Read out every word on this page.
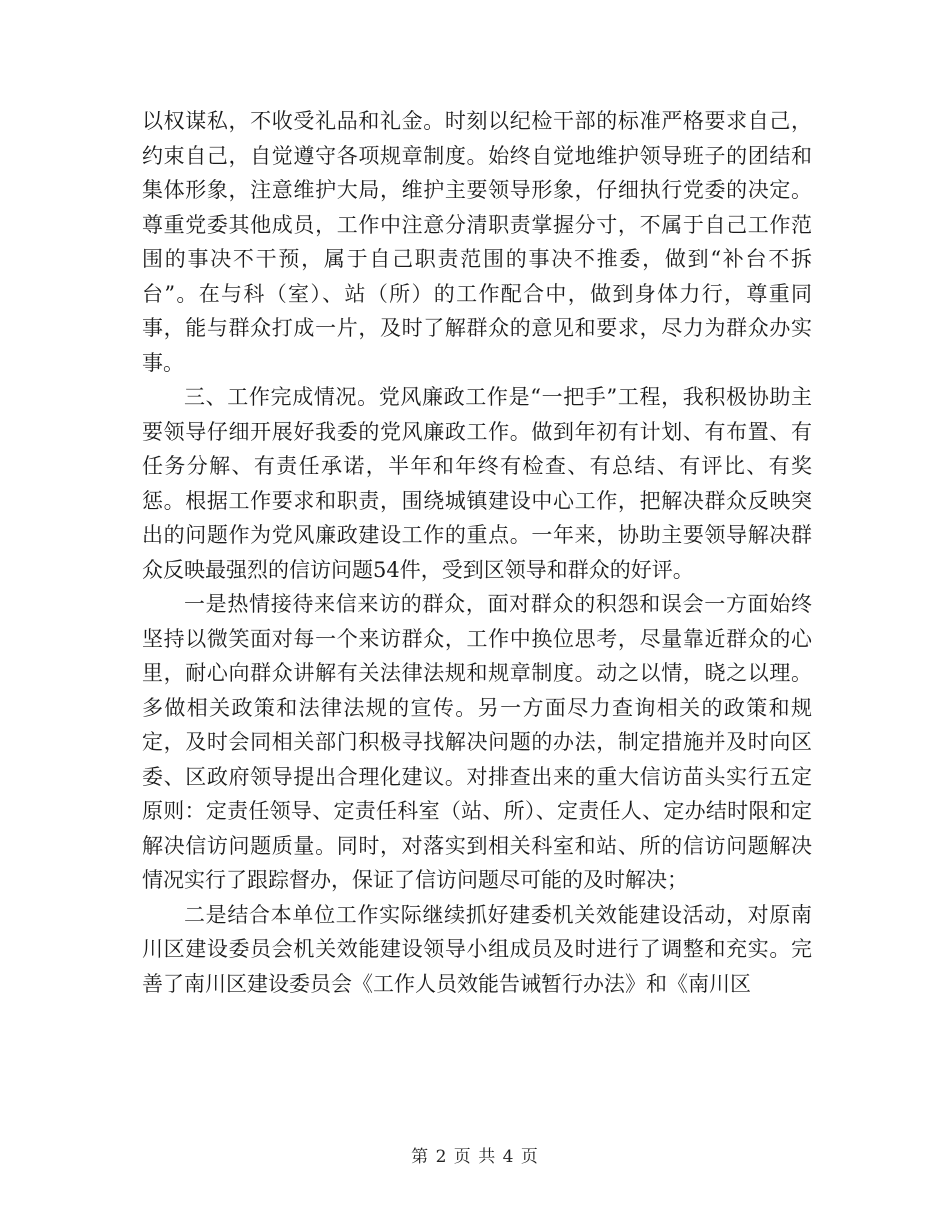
以权谋私，不收受礼品和礼金。时刻以纪检干部的标准严格要求自己，约束自己，自觉遵守各项规章制度。始终自觉地维护领导班子的团结和集体形象，注意维护大局，维护主要领导形象，仔细执行党委的决定。尊重党委其他成员，工作中注意分清职责掌握分寸，不属于自己工作范围的事决不干预，属于自己职责范围的事决不推委，做到“补台不拆台”。在与科（室）、站（所）的工作配合中，做到身体力行，尊重同事，能与群众打成一片，及时了解群众的意见和要求，尽力为群众办实事。

三、工作完成情况。党风廉政工作是“一把手”工程，我积极协助主要领导仔细开展好我委的党风廉政工作。做到年初有计划、有布置、有任务分解、有责任承诺，半年和年终有检查、有总结、有评比、有奖惩。根据工作要求和职责，围绕城镇建设中心工作，把解决群众反映突出的问题作为党风廉政建设工作的重点。一年来，协助主要领导解决群众反映最强烈的信访问题54件，受到区领导和群众的好评。

一是热情接待来信来访的群众，面对群众的积怨和误会一方面始终坚持以微笑面对每一个来访群众，工作中换位思考，尽量靠近群众的心里，耐心向群众讲解有关法律法规和规章制度。动之以情，晓之以理。多做相关政策和法律法规的宣传。另一方面尽力查询相关的政策和规定，及时会同相关部门积极寻找解决问题的办法，制定措施并及时向区委、区政府领导提出合理化建议。对排查出来的重大信访苗头实行五定原则：定责任领导、定责任科室（站、所）、定责任人、定办结时限和定解决信访问题质量。同时，对落实到相关科室和站、所的信访问题解决情况实行了跟踪督办，保证了信访问题尽可能的及时解决；

二是结合本单位工作实际继续抓好建委机关效能建设活动，对原南川区建设委员会机关效能建设领导小组成员及时进行了调整和充实。完善了南川区建设委员会《工作人员效能告诫暂行办法》和《南川区

第 2 页 共 4 页
